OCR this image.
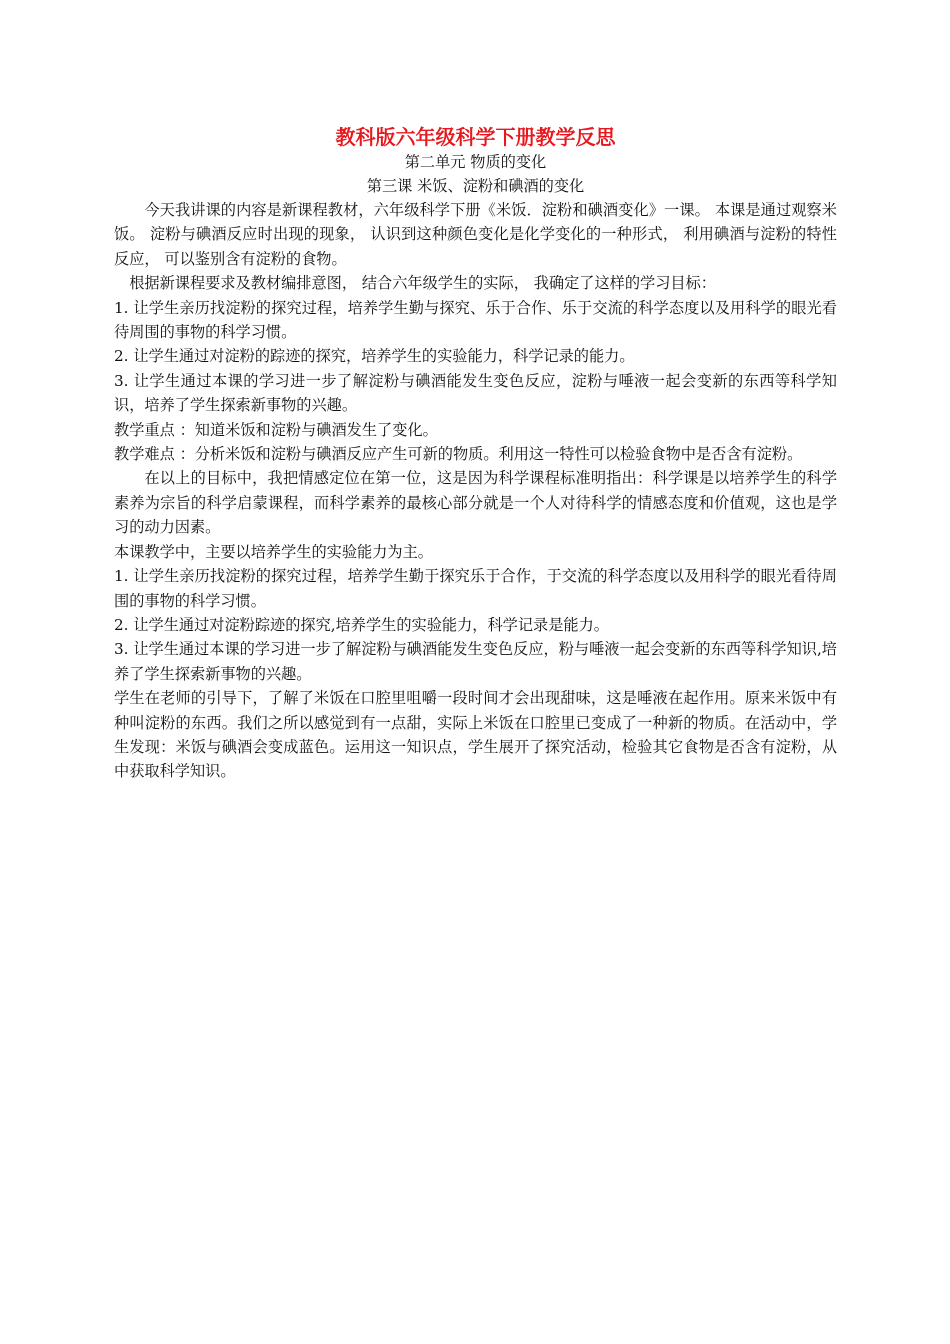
教科版六年级科学下册教学反思
第二单元 物质的变化
第三课 米饭、淀粉和碘酒的变化

今天我讲课的内容是新课程教材，六年级科学下册《米饭．淀粉和碘酒变化》一课。 本课是通过观察米饭。 淀粉与碘酒反应时出现的现象， 认识到这种颜色变化是化学变化的一种形式， 利用碘酒与淀粉的特性反应， 可以鉴别含有淀粉的食物。

根据新课程要求及教材编排意图， 结合六年级学生的实际， 我确定了这样的学习目标：

1. 让学生亲历找淀粉的探究过程，培养学生勤与探究、乐于合作、乐于交流的科学态度以及用科学的眼光看待周围的事物的科学习惯。

2. 让学生通过对淀粉的踪迹的探究，培养学生的实验能力，科学记录的能力。

3. 让学生通过本课的学习进一步了解淀粉与碘酒能发生变色反应，淀粉与唾液一起会变新的东西等科学知识，培养了学生探索新事物的兴趣。

教学重点 ：知道米饭和淀粉与碘酒发生了变化。

教学难点 ：分析米饭和淀粉与碘酒反应产生可新的物质。利用这一特性可以检验食物中是否含有淀粉。

在以上的目标中，我把情感定位在第一位，这是因为科学课程标准明指出：科学课是以培养学生的科学素养为宗旨的科学启蒙课程，而科学素养的最核心部分就是一个人对待科学的情感态度和价值观，这也是学习的动力因素。

本课教学中，主要以培养学生的实验能力为主。

1. 让学生亲历找淀粉的探究过程，培养学生勤于探究乐于合作，于交流的科学态度以及用科学的眼光看待周围的事物的科学习惯。

2. 让学生通过对淀粉踪迹的探究,培养学生的实验能力，科学记录是能力。

3. 让学生通过本课的学习进一步了解淀粉与碘酒能发生变色反应，粉与唾液一起会变新的东西等科学知识,培养了学生探索新事物的兴趣。

学生在老师的引导下，了解了米饭在口腔里咀嚼一段时间才会出现甜味，这是唾液在起作用。原来米饭中有种叫淀粉的东西。我们之所以感觉到有一点甜，实际上米饭在口腔里已变成了一种新的物质。在活动中，学生发现：米饭与碘酒会变成蓝色。运用这一知识点，学生展开了探究活动，检验其它食物是否含有淀粉，从中获取科学知识。
